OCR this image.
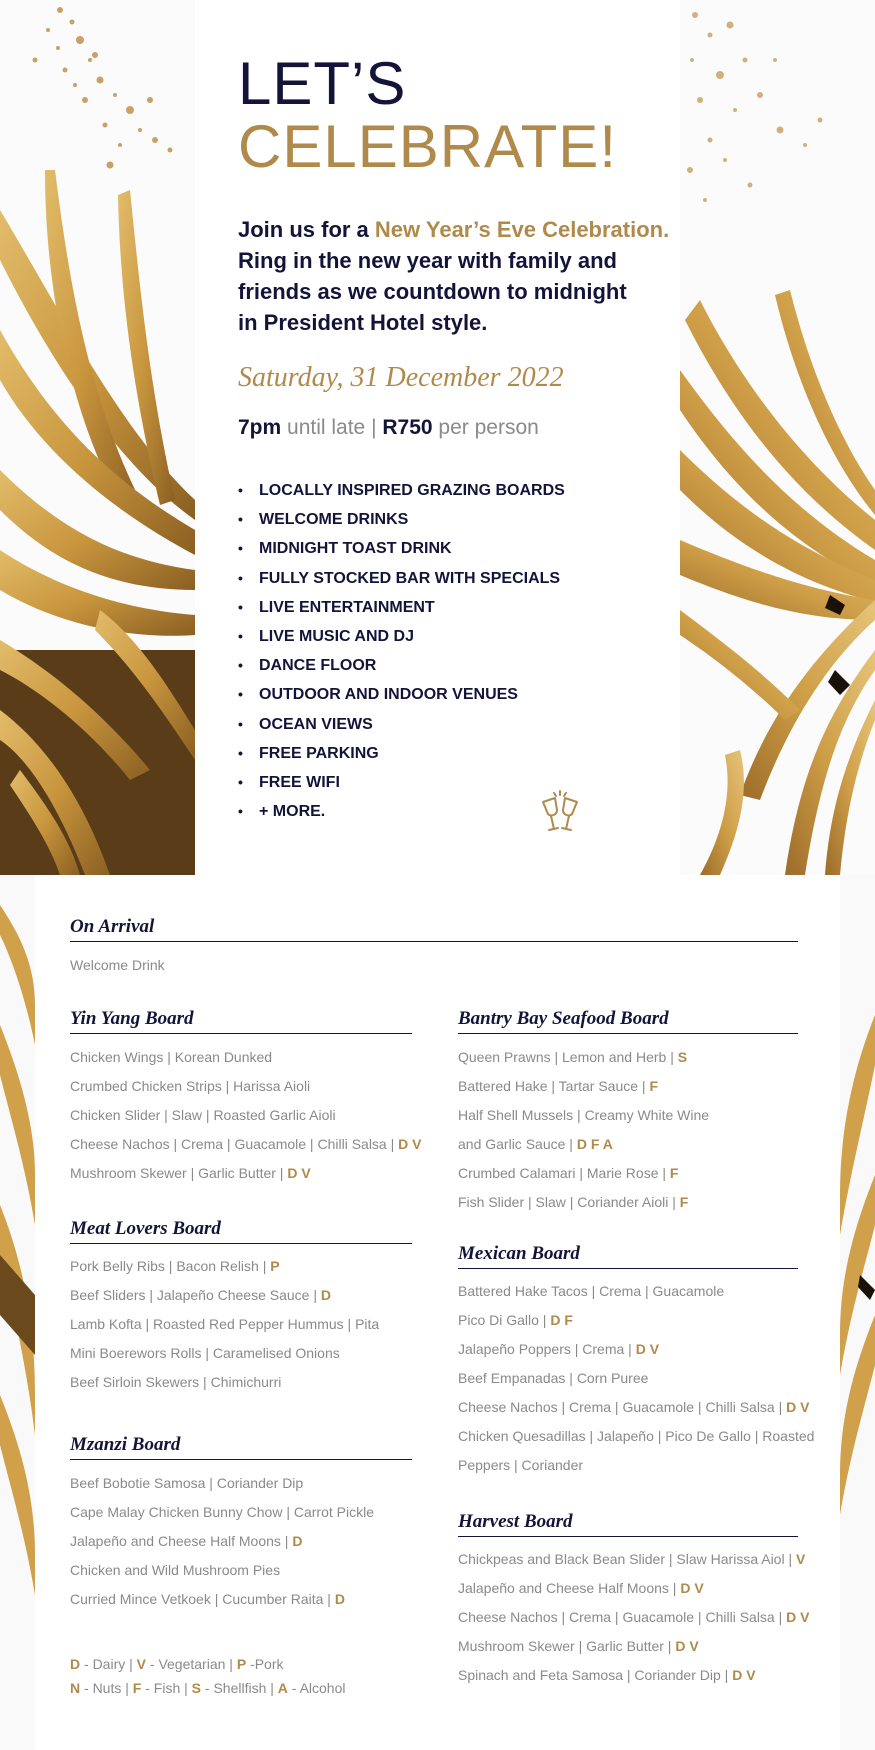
LET’S
CELEBRATE!
Join us for a New Year’s Eve Celebration.
Ring in the new year with family and
friends as we countdown to midnight
in President Hotel style.
Saturday, 31 December 2022
7pm until late | R750 per person
• LOCALLY INSPIRED GRAZING BOARDS
• WELCOME DRINKS
• MIDNIGHT TOAST DRINK
• FULLY STOCKED BAR WITH SPECIALS
• LIVE ENTERTAINMENT
• LIVE MUSIC AND DJ
• DANCE FLOOR
• OUTDOOR AND INDOOR VENUES
• OCEAN VIEWS
• FREE PARKING
• FREE WIFI
• + MORE.
On Arrival
Welcome Drink
Yin Yang Board
Chicken Wings | Korean Dunked
Crumbed Chicken Strips | Harissa Aioli
Chicken Slider | Slaw | Roasted Garlic Aioli
Cheese Nachos | Crema | Guacamole | Chilli Salsa | D V
Mushroom Skewer | Garlic Butter | D V
Meat Lovers Board
Pork Belly Ribs | Bacon Relish | P
Beef Sliders | Jalapeño Cheese Sauce | D
Lamb Kofta | Roasted Red Pepper Hummus | Pita
Mini Boerewors Rolls | Caramelised Onions
Beef Sirloin Skewers | Chimichurri
Mzanzi Board
Beef Bobotie Samosa | Coriander Dip
Cape Malay Chicken Bunny Chow | Carrot Pickle
Jalapeño and Cheese Half Moons | D
Chicken and Wild Mushroom Pies
Curried Mince Vetkoek | Cucumber Raita | D
Bantry Bay Seafood Board
Queen Prawns | Lemon and Herb | S
Battered Hake | Tartar Sauce | F
Half Shell Mussels | Creamy White Wine
and Garlic Sauce | D F A
Crumbed Calamari | Marie Rose | F
Fish Slider | Slaw | Coriander Aioli | F
Mexican Board
Battered Hake Tacos | Crema | Guacamole
Pico Di Gallo | D F
Jalapeño Poppers | Crema | D V
Beef Empanadas | Corn Puree
Cheese Nachos | Crema | Guacamole | Chilli Salsa | D V
Chicken Quesadillas | Jalapeño | Pico De Gallo | Roasted
Peppers | Coriander
Harvest Board
Chickpeas and Black Bean Slider | Slaw Harissa Aiol | V
Jalapeño and Cheese Half Moons | D V
Cheese Nachos | Crema | Guacamole | Chilli Salsa | D V
Mushroom Skewer | Garlic Butter | D V
Spinach and Feta Samosa | Coriander Dip | D V
D - Dairy | V - Vegetarian | P -Pork
N - Nuts | F - Fish | S - Shellfish | A - Alcohol
